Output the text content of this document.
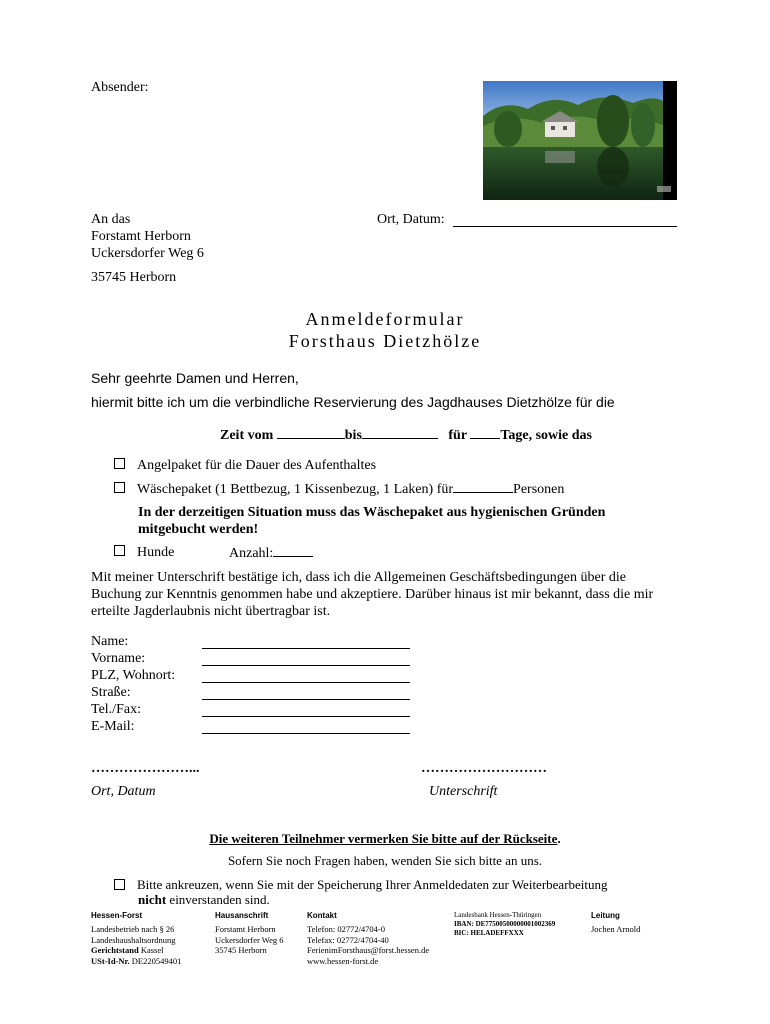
Absender:
An das
Forstamt Herborn
Uckersdorfer Weg 6
35745 Herborn
Ort, Datum:
Anmeldeformular
Forsthaus Dietzhölze
Sehr geehrte Damen und Herren,
hiermit bitte ich um die verbindliche Reservierung des Jagdhauses Dietzhölze für die
Zeit vom	bis	für Tage, sowie das
Angelpaket für die Dauer des Aufenthaltes
Wäschepaket (1 Bettbezug, 1 Kissenbezug, 1 Laken) für	Personen
In der derzeitigen Situation muss das Wäschepaket aus hygienischen Gründen mitgebucht werden!
Hunde	Anzahl:
Mit meiner Unterschrift bestätige ich, dass ich die Allgemeinen Geschäftsbedingungen über die Buchung zur Kenntnis genommen habe und akzeptiere. Darüber hinaus ist mir bekannt, dass die mir erteilte Jagderlaubnis nicht übertragbar ist.
Name:
Vorname:
PLZ, Wohnort:
Straße:
Tel./Fax:
E-Mail:
…………………...	………………………
Ort, Datum	Unterschrift
Die weiteren Teilnehmer vermerken Sie bitte auf der Rückseite.
Sofern Sie noch Fragen haben, wenden Sie sich bitte an uns.
Bitte ankreuzen, wenn Sie mit der Speicherung Ihrer Anmeldedaten zur Weiterbearbeitung
nicht einverstanden sind.
Hessen-Forst
Landesbetrieb nach § 26
Landeshaushaltsordnung
Gerichtstand Kassel
USt-Id-Nr. DE220549401
Hausanschrift
Forstamt Herborn
Uckersdorfer Weg 6
35745 Herborn
Kontakt
Telefon: 02772/4704-0
Telefax: 02772/4704-40
FerienimForsthaus@forst.hessen.de
www.hessen-forst.de
Landesbank Hessen-Thüringen
IBAN: DE77500500000001002369
BIC: HELADEFFXXX
Leitung
Jochen Arnold
